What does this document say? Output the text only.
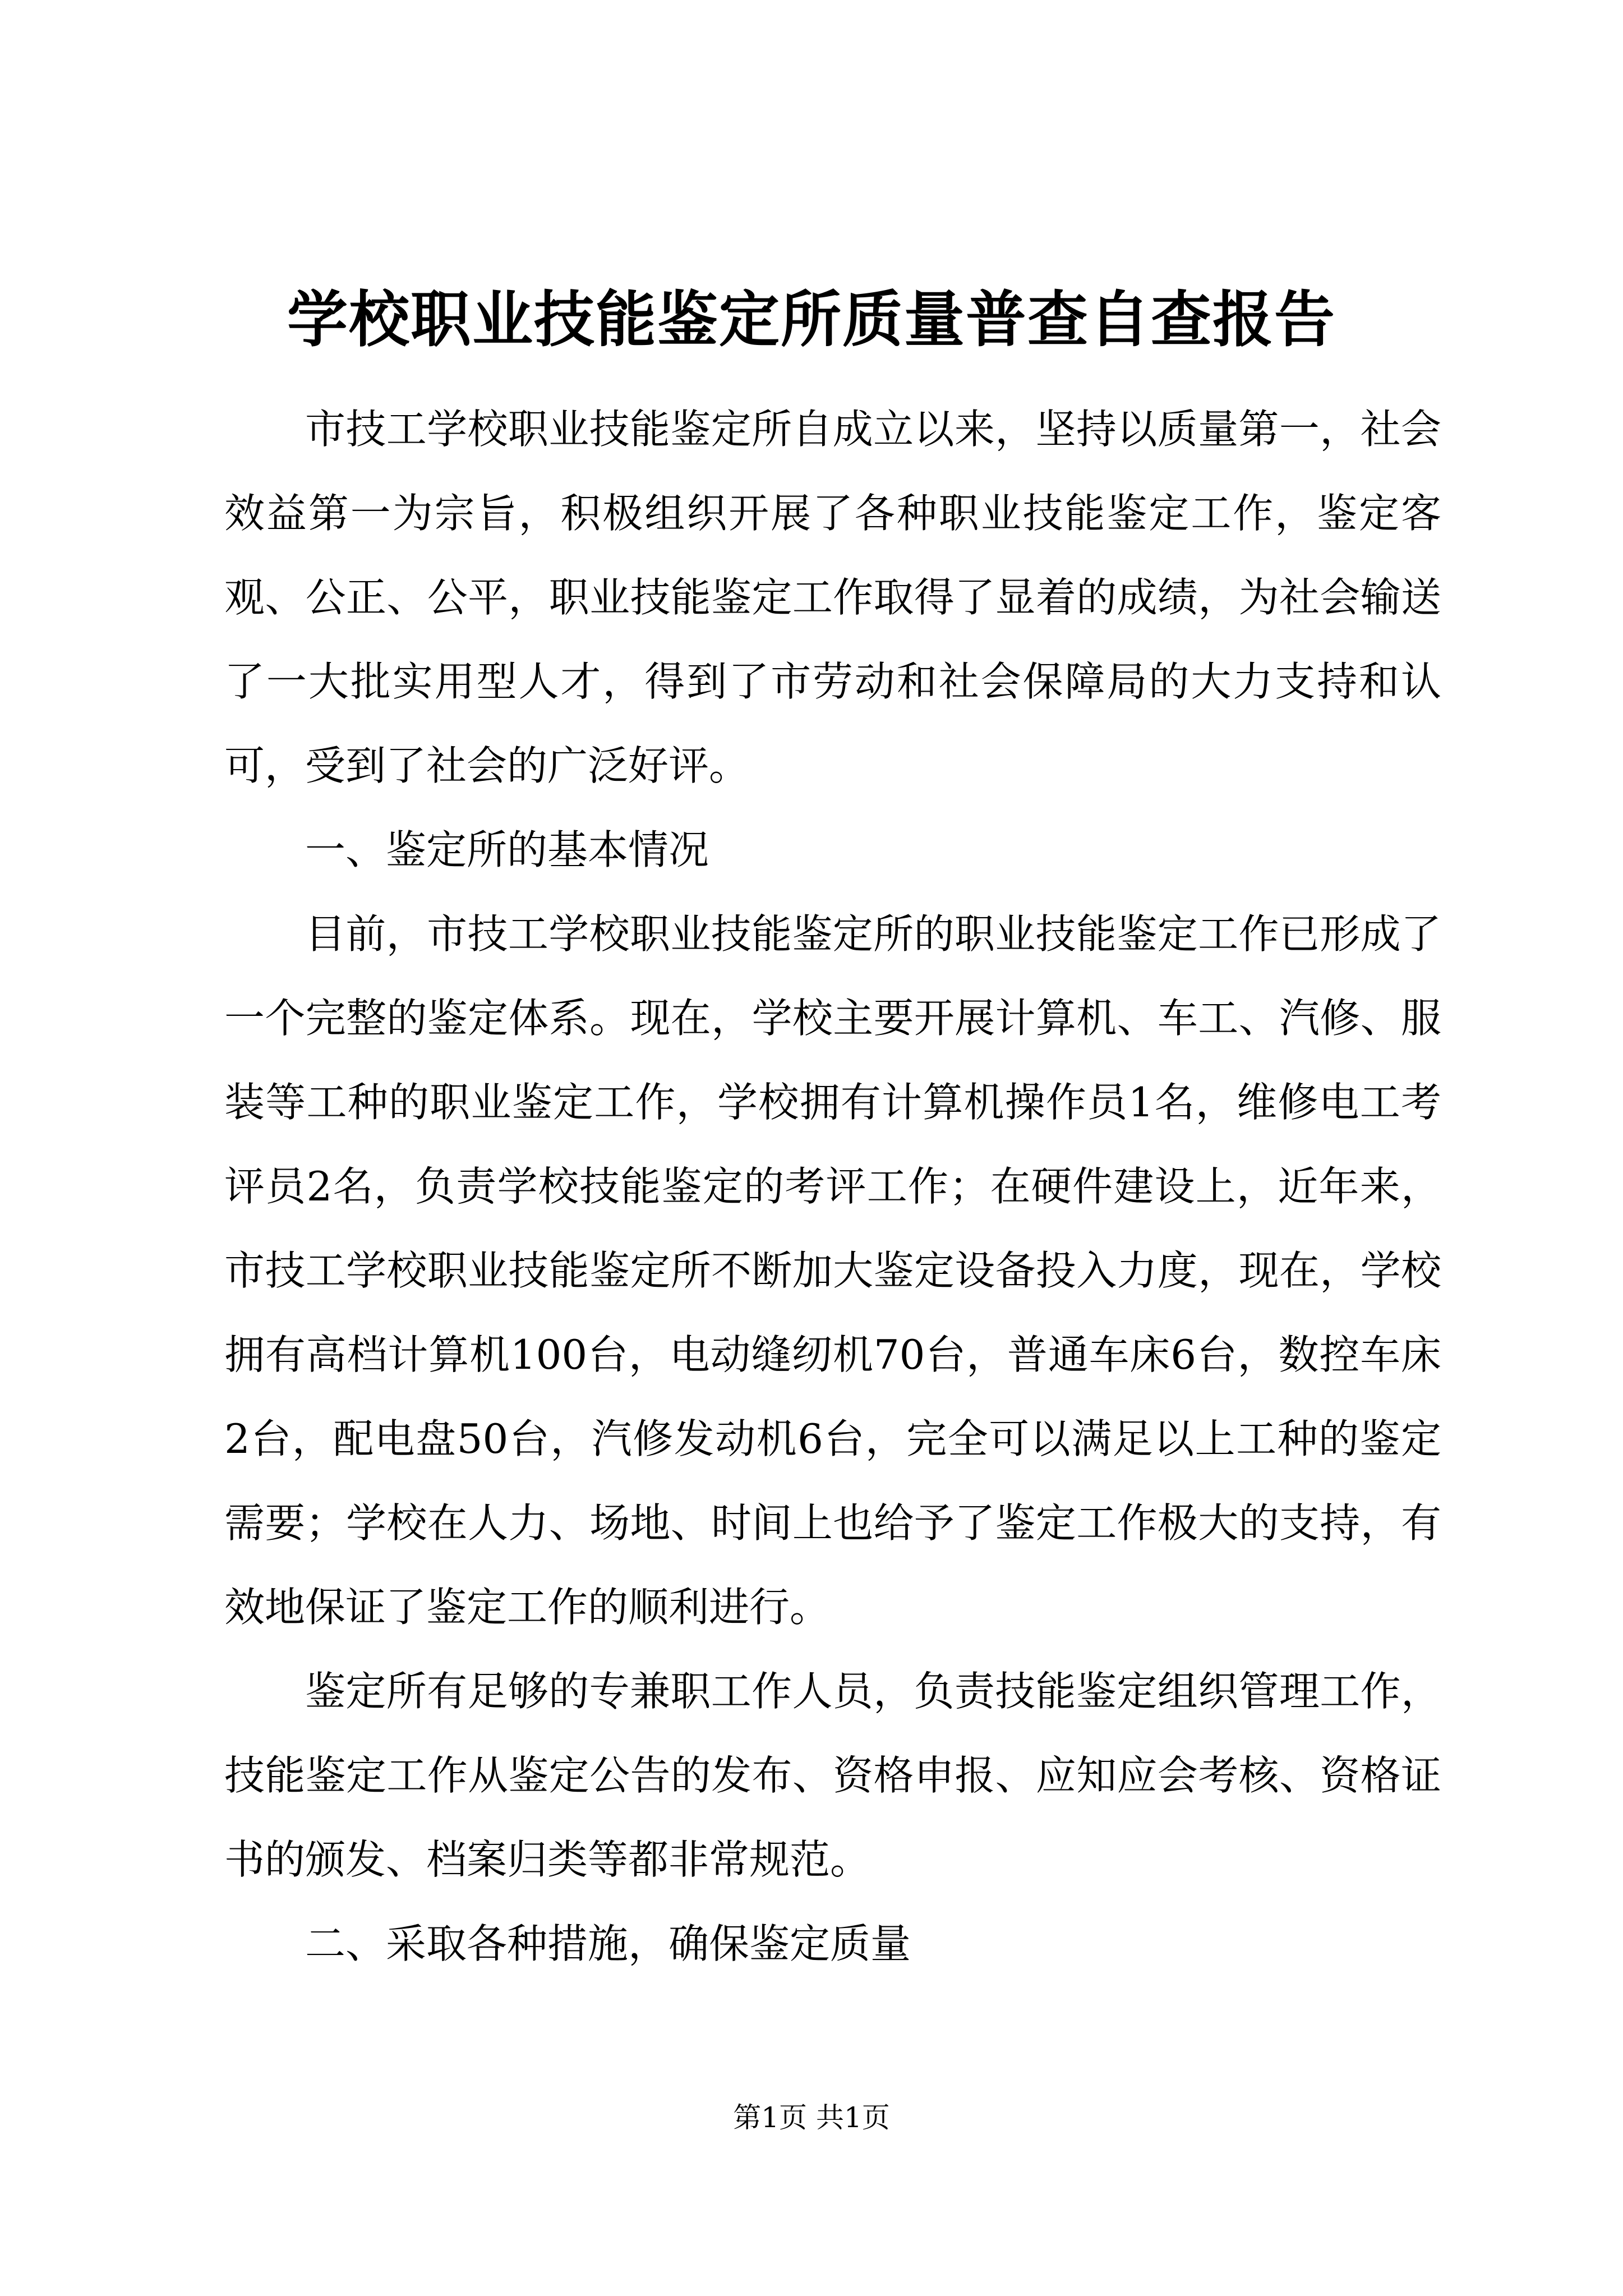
学校职业技能鉴定所质量普查自查报告

市技工学校职业技能鉴定所自成立以来，坚持以质量第一，社会效益第一为宗旨，积极组织开展了各种职业技能鉴定工作，鉴定客观、公正、公平，职业技能鉴定工作取得了显着的成绩，为社会输送了一大批实用型人才，得到了市劳动和社会保障局的大力支持和认可，受到了社会的广泛好评。

一、鉴定所的基本情况

目前，市技工学校职业技能鉴定所的职业技能鉴定工作已形成了一个完整的鉴定体系。现在，学校主要开展计算机、车工、汽修、服装等工种的职业鉴定工作，学校拥有计算机操作员1名，维修电工考评员2名，负责学校技能鉴定的考评工作；在硬件建设上，近年来，市技工学校职业技能鉴定所不断加大鉴定设备投入力度，现在，学校拥有高档计算机100台，电动缝纫机70台，普通车床6台，数控车床2台，配电盘50台，汽修发动机6台，完全可以满足以上工种的鉴定需要；学校在人力、场地、时间上也给予了鉴定工作极大的支持，有效地保证了鉴定工作的顺利进行。

鉴定所有足够的专兼职工作人员，负责技能鉴定组织管理工作，技能鉴定工作从鉴定公告的发布、资格申报、应知应会考核、资格证书的颁发、档案归类等都非常规范。

二、采取各种措施，确保鉴定质量

第1页 共1页
